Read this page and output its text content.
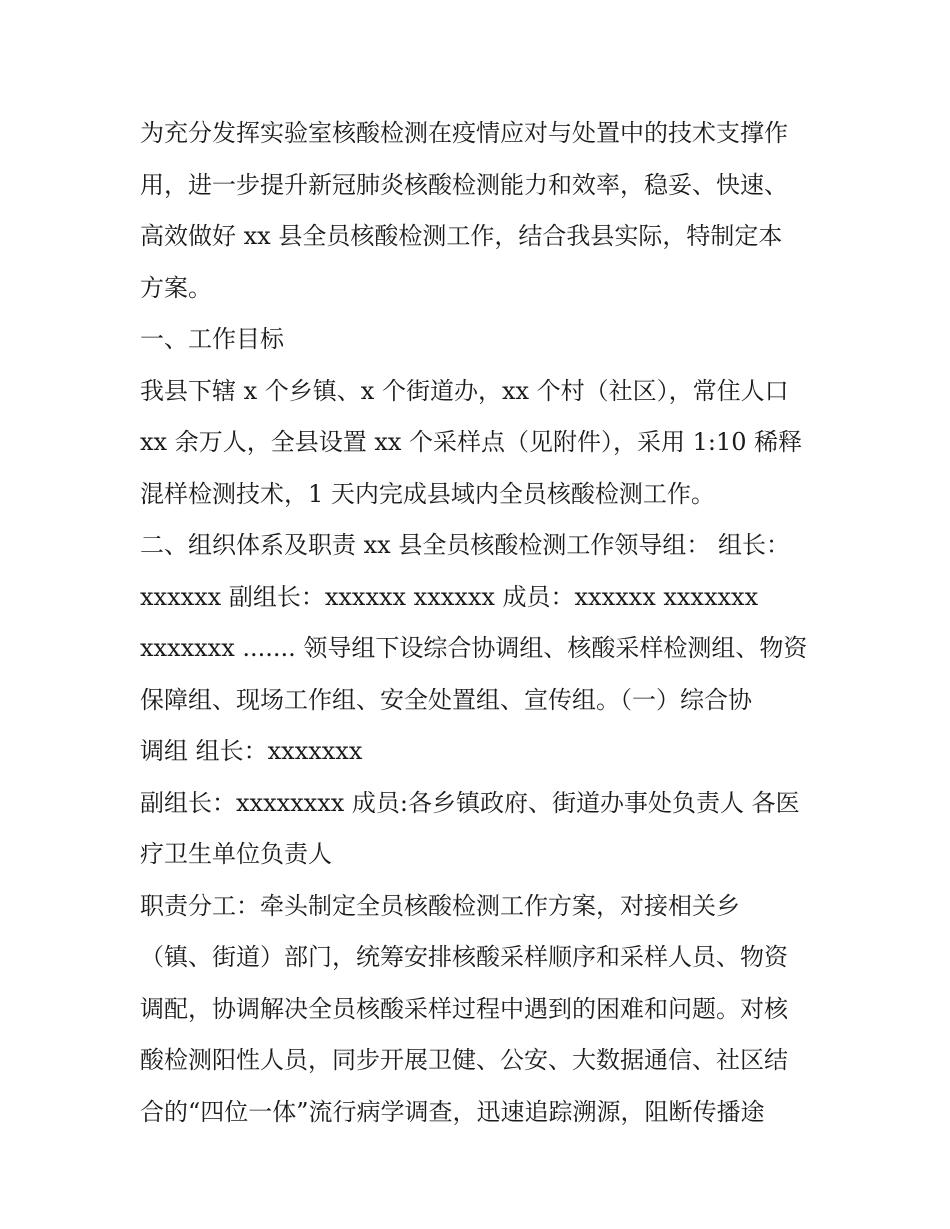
为充分发挥实验室核酸检测在疫情应对与处置中的技术支撑作
用，进一步提升新冠肺炎核酸检测能力和效率，稳妥、快速、
高效做好 xx 县全员核酸检测工作，结合我县实际，特制定本
方案。
一、工作目标
我县下辖 x 个乡镇、x 个街道办，xx 个村（社区），常住人口
xx 余万人，全县设置 xx 个采样点（见附件），采用 1:10 稀释
混样检测技术，1 天内完成县域内全员核酸检测工作。
二、组织体系及职责 xx 县全员核酸检测工作领导组： 组长：
xxxxxx 副组长：xxxxxx xxxxxx 成员：xxxxxx xxxxxxx
xxxxxxx ....... 领导组下设综合协调组、核酸采样检测组、物资
保障组、现场工作组、安全处置组、宣传组。（一）综合协
调组 组长：xxxxxxx
副组长：xxxxxxxx 成员:各乡镇政府、街道办事处负责人 各医
疗卫生单位负责人
职责分工：牵头制定全员核酸检测工作方案，对接相关乡
（镇、街道）部门，统筹安排核酸采样顺序和采样人员、物资
调配，协调解决全员核酸采样过程中遇到的困难和问题。对核
酸检测阳性人员，同步开展卫健、公安、大数据通信、社区结
合的“四位一体”流行病学调查，迅速追踪溯源，阻断传播途
